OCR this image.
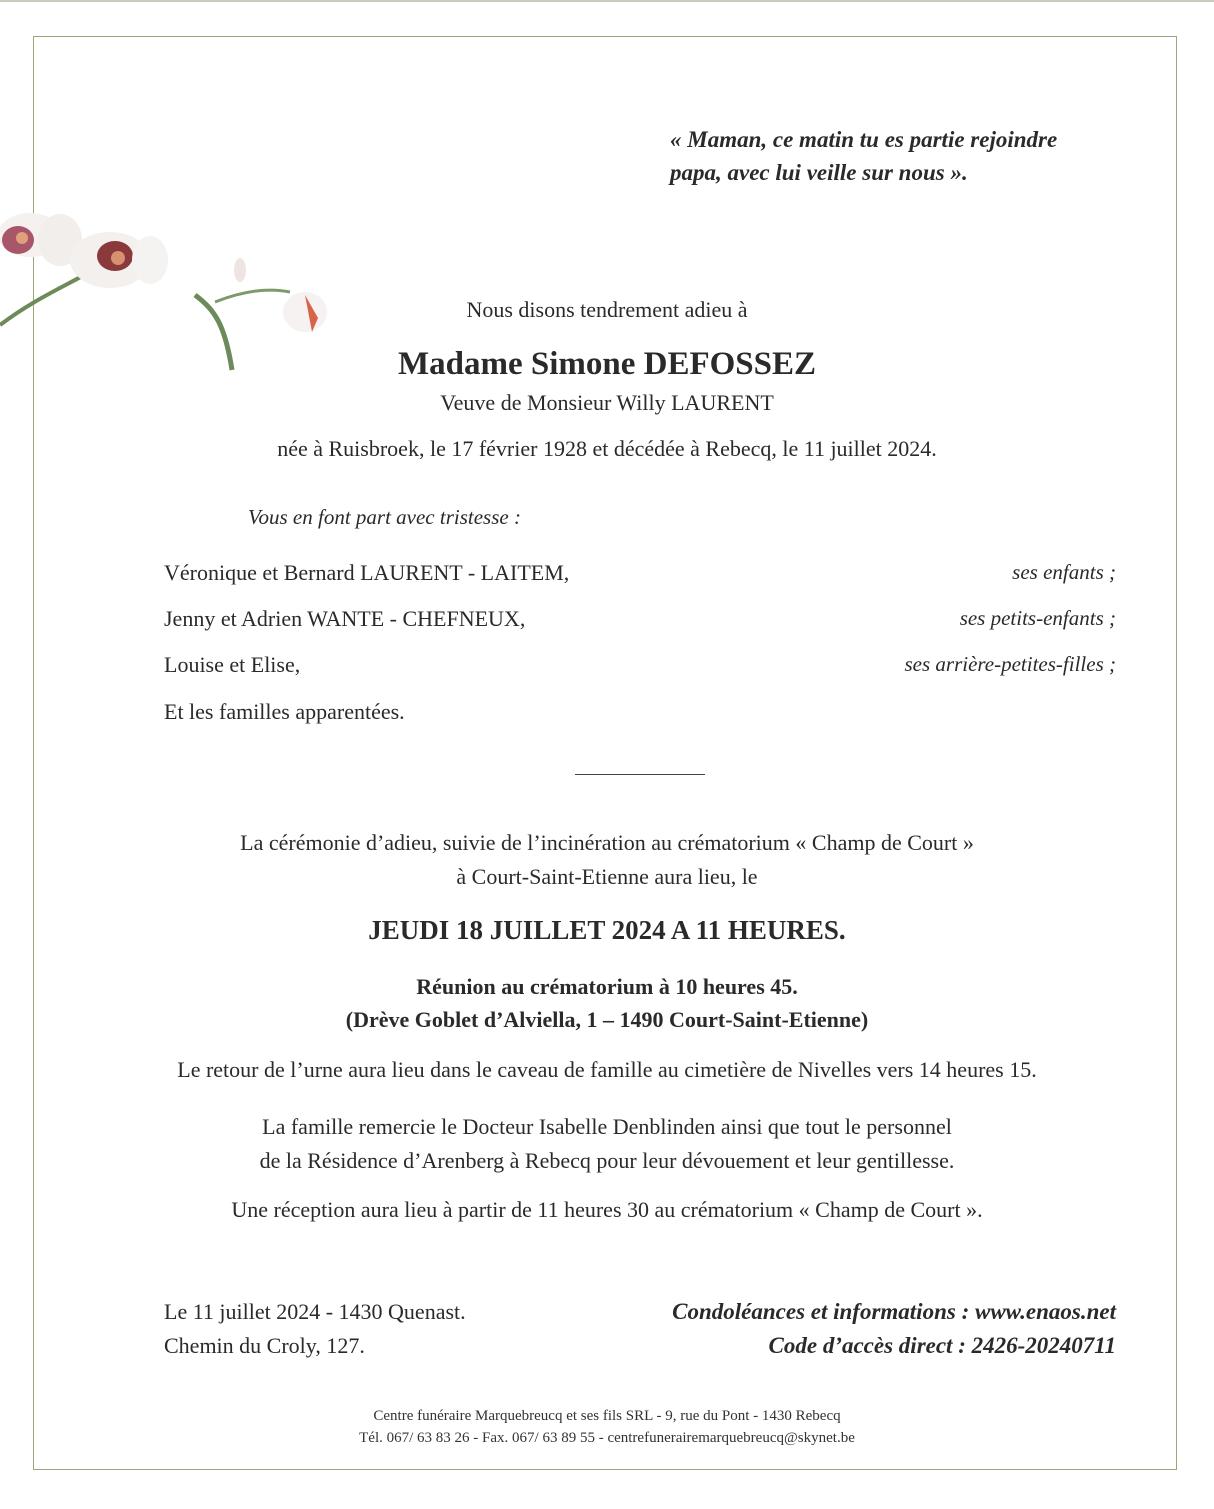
« Maman, ce matin tu es partie rejoindre
papa, avec lui veille sur nous ».
Nous disons tendrement adieu à
Madame Simone DEFOSSEZ
Veuve de Monsieur Willy LAURENT
née à Ruisbroek, le 17 février 1928 et décédée à Rebecq, le 11 juillet 2024.
Vous en font part avec tristesse :
Véronique et Bernard LAURENT - LAITEM,	ses enfants ;
Jenny et Adrien WANTE - CHEFNEUX,	ses petits-enfants ;
Louise et Elise,	ses arrière-petites-filles ;
Et les familles apparentées.
La cérémonie d’adieu, suivie de l’incinération au crématorium « Champ de Court »
à Court-Saint-Etienne aura lieu, le
JEUDI 18 JUILLET 2024 A 11 HEURES.
Réunion au crématorium à 10 heures 45.
(Drève Goblet d’Alviella, 1 – 1490 Court-Saint-Etienne)
Le retour de l’urne aura lieu dans le caveau de famille au cimetière de Nivelles vers 14 heures 15.
La famille remercie le Docteur Isabelle Denblinden ainsi que tout le personnel
de la Résidence d’Arenberg à Rebecq pour leur dévouement et leur gentillesse.
Une réception aura lieu à partir de 11 heures 30 au crématorium « Champ de Court ».
Le 11 juillet 2024 - 1430 Quenast.
Chemin du Croly, 127.
Condoléances et informations : www.enaos.net
Code d’accès direct : 2426-20240711
Centre funéraire Marquebreucq et ses fils SRL - 9, rue du Pont - 1430 Rebecq
Tél. 067/ 63 83 26 - Fax. 067/ 63 89 55 - centrefunerairemarquebreucq@skynet.be
